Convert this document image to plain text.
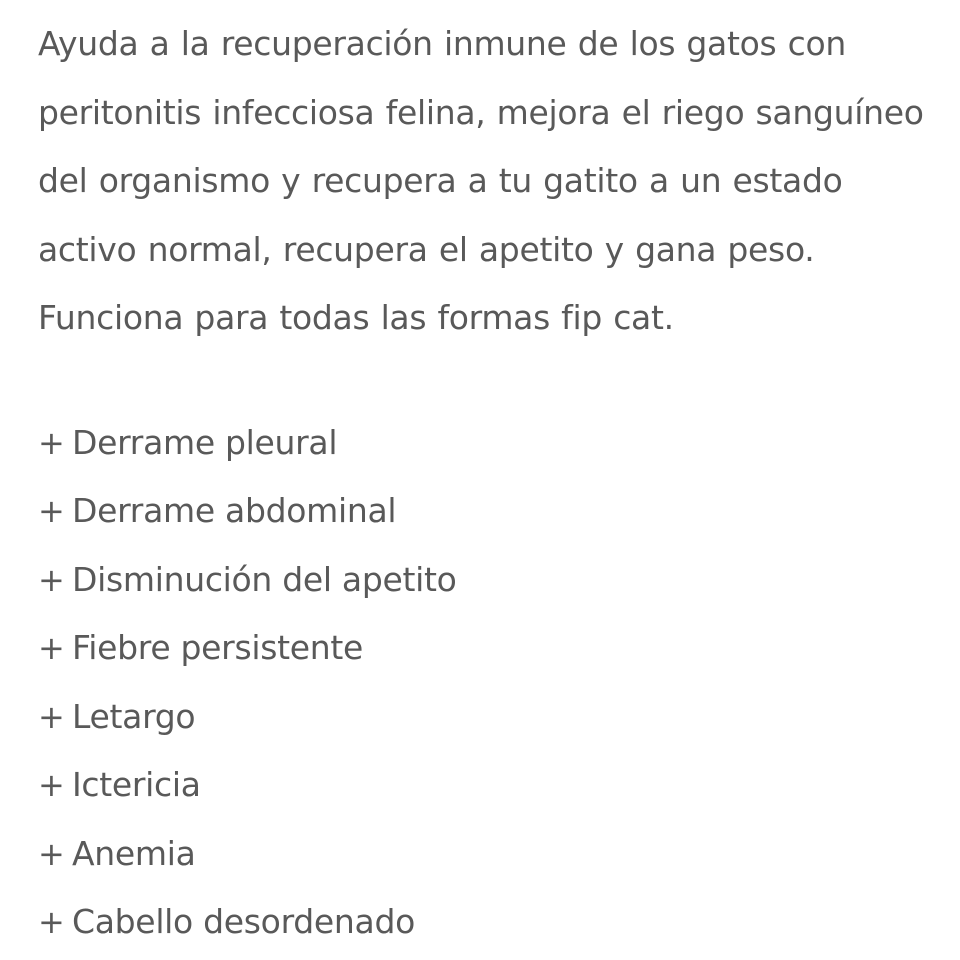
Ayuda a la recuperación inmune de los gatos con peritonitis infecciosa felina, mejora el riego sanguíneo del organismo y recupera a tu gatito a un estado activo normal, recupera el apetito y gana peso. Funciona para todas las formas fip cat.

+ Derrame pleural
+ Derrame abdominal
+ Disminución del apetito
+ Fiebre persistente
+ Letargo
+ Ictericia
+ Anemia
+ Cabello desordenado
